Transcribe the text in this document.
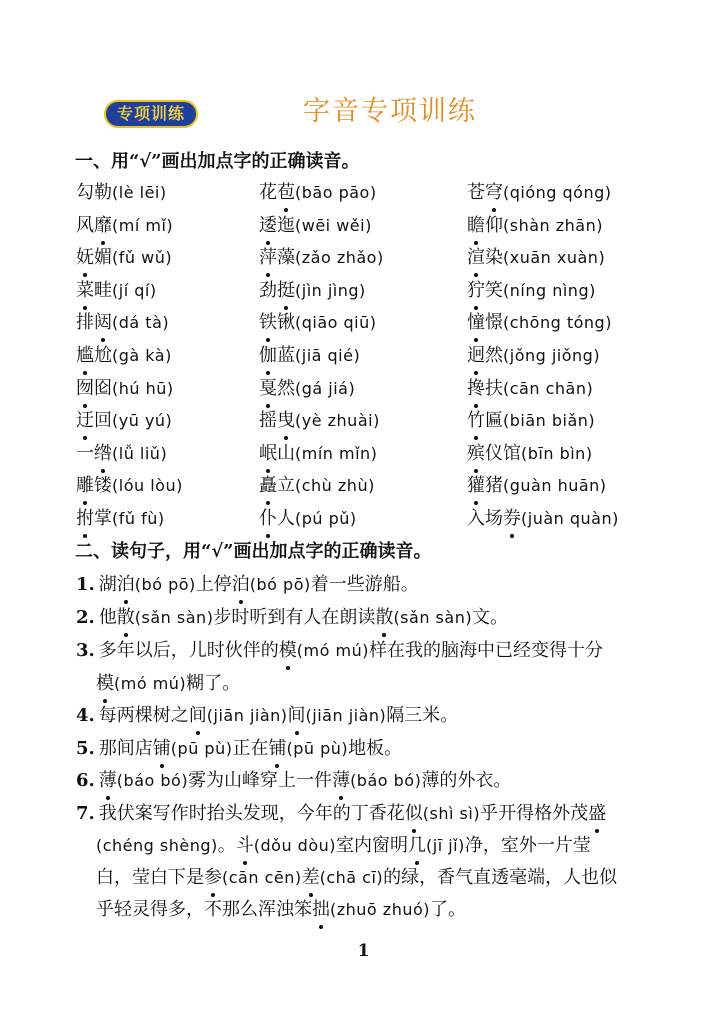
专项训练	字音专项训练
一、用“√”画出加点字的正确读音。
勾勒(lè lēi)	花苞(bāo pāo)	苍穹(qióng qóng)
风靡(mí mǐ)	逶迤(wēi wěi)	瞻仰(shàn zhān)
妩媚(fǔ wǔ)	萍藻(zǎo zhǎo)	渲染(xuān xuàn)
菜畦(jí qí)	劲挺(jìn jìng)	狞笑(níng nìng)
排闼(dá tà)	铁锹(qiāo qiū)	憧憬(chōng tóng)
尴尬(gà kà)	伽蓝(jiā qié)	迥然(jǒng jiǒng)
囫囵(hú hū)	戛然(gá jiá)	搀扶(cān chān)
迂回(yū yú)	摇曳(yè zhuài)	竹匾(biān biǎn)
一绺(lǚ liǔ)	岷山(mín mǐn)	殡仪馆(bīn bìn)
雕镂(lóu lòu)	矗立(chù zhù)	獾猪(guàn huān)
拊掌(fǔ fù)	仆人(pú pǔ)	入场券(juàn quàn)
二、读句子，用“√”画出加点字的正确读音。
1. 湖泊(bó pō)上停泊(bó pō)着一些游船。
2. 他散(sǎn sàn)步时听到有人在朗读散(sǎn sàn)文。
3. 多年以后，儿时伙伴的模(mó mú)样在我的脑海中已经变得十分
模(mó mú)糊了。
4. 每两棵树之间(jiān jiàn)间(jiān jiàn)隔三米。
5. 那间店铺(pū pù)正在铺(pū pù)地板。
6. 薄(báo bó)雾为山峰穿上一件薄(báo bó)薄的外衣。
7. 我伏案写作时抬头发现，今年的丁香花似(shì sì)乎开得格外茂盛
(chéng shèng)。斗(dǒu dòu)室内窗明几(jī jǐ)净，室外一片莹
白，莹白下是参(cān cēn)差(chā cī)的绿，香气直透毫端，人也似
乎轻灵得多，不那么浑浊笨拙(zhuō zhuó)了。
1
